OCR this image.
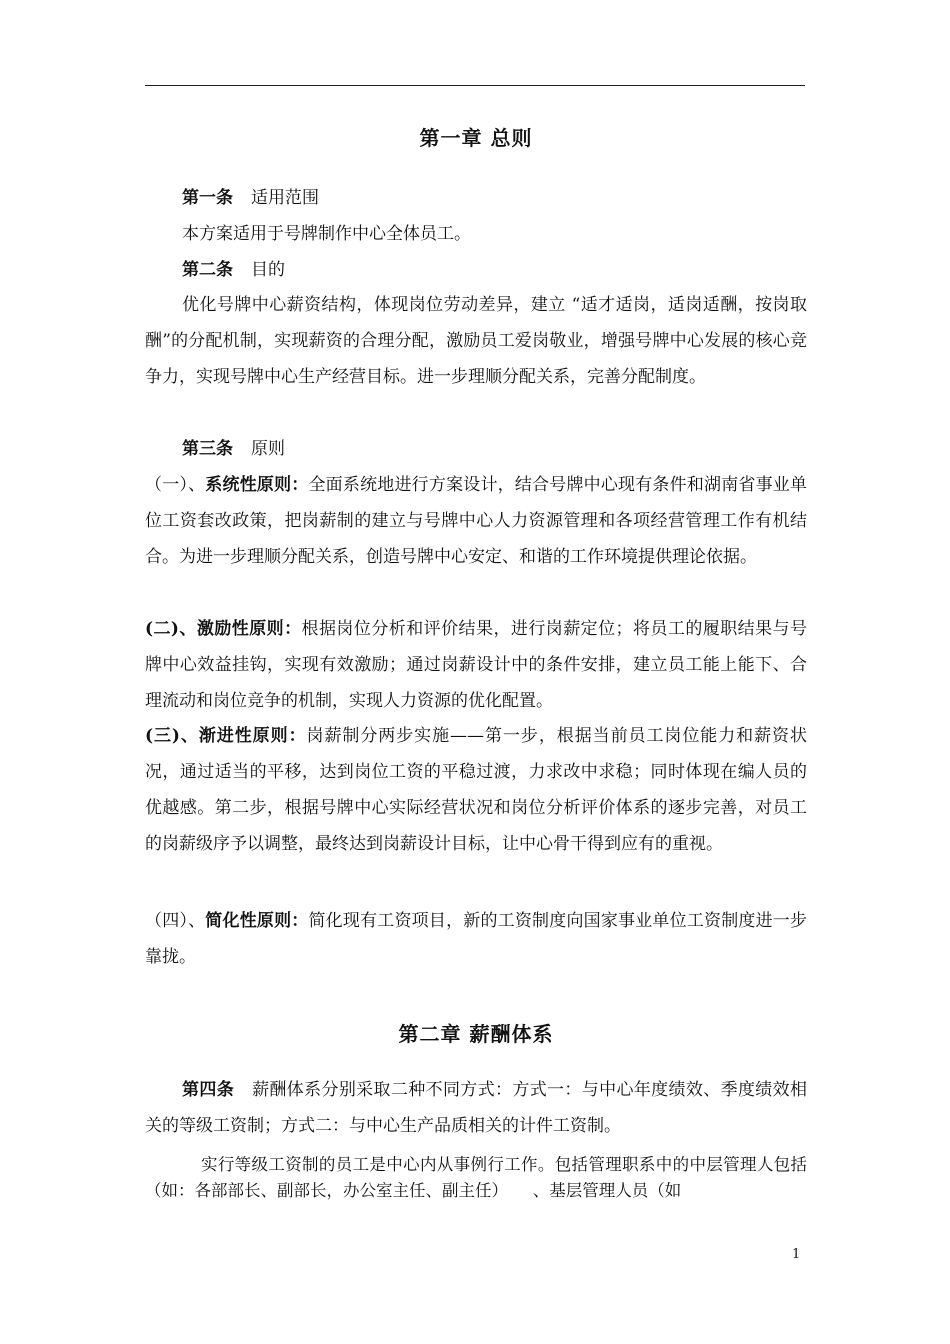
第一章 总则
第一条 适用范围
本方案适用于号牌制作中心全体员工。
第二条 目的
优化号牌中心薪资结构，体现岗位劳动差异，建立 “适才适岗，适岗适酬，按岗取酬”的分配机制，实现薪资的合理分配，激励员工爱岗敬业，增强号牌中心发展的核心竞争力，实现号牌中心生产经营目标。进一步理顺分配关系，完善分配制度。
第三条 原则
（一）、系统性原则：全面系统地进行方案设计，结合号牌中心现有条件和湖南省事业单位工资套改政策，把岗薪制的建立与号牌中心人力资源管理和各项经营管理工作有机结合。为进一步理顺分配关系，创造号牌中心安定、和谐的工作环境提供理论依据。
(二)、激励性原则：根据岗位分析和评价结果，进行岗薪定位；将员工的履职结果与号牌中心效益挂钩，实现有效激励；通过岗薪设计中的条件安排，建立员工能上能下、合理流动和岗位竞争的机制，实现人力资源的优化配置。
(三)、渐进性原则：岗薪制分两步实施——第一步，根据当前员工岗位能力和薪资状况，通过适当的平移，达到岗位工资的平稳过渡，力求改中求稳；同时体现在编人员的优越感。第二步，根据号牌中心实际经营状况和岗位分析评价体系的逐步完善，对员工的岗薪级序予以调整，最终达到岗薪设计目标，让中心骨干得到应有的重视。
（四）、简化性原则：简化现有工资项目，新的工资制度向国家事业单位工资制度进一步靠拢。
第二章 薪酬体系
第四条 薪酬体系分别采取二种不同方式：方式一：与中心年度绩效、季度绩效相关的等级工资制；方式二：与中心生产品质相关的计件工资制。
实行等级工资制的员工是中心内从事例行工作。包括管理职系中的中层管理人包括（如：各部部长、副部长，办公室主任、副主任）　　、基层管理人员（如
1
